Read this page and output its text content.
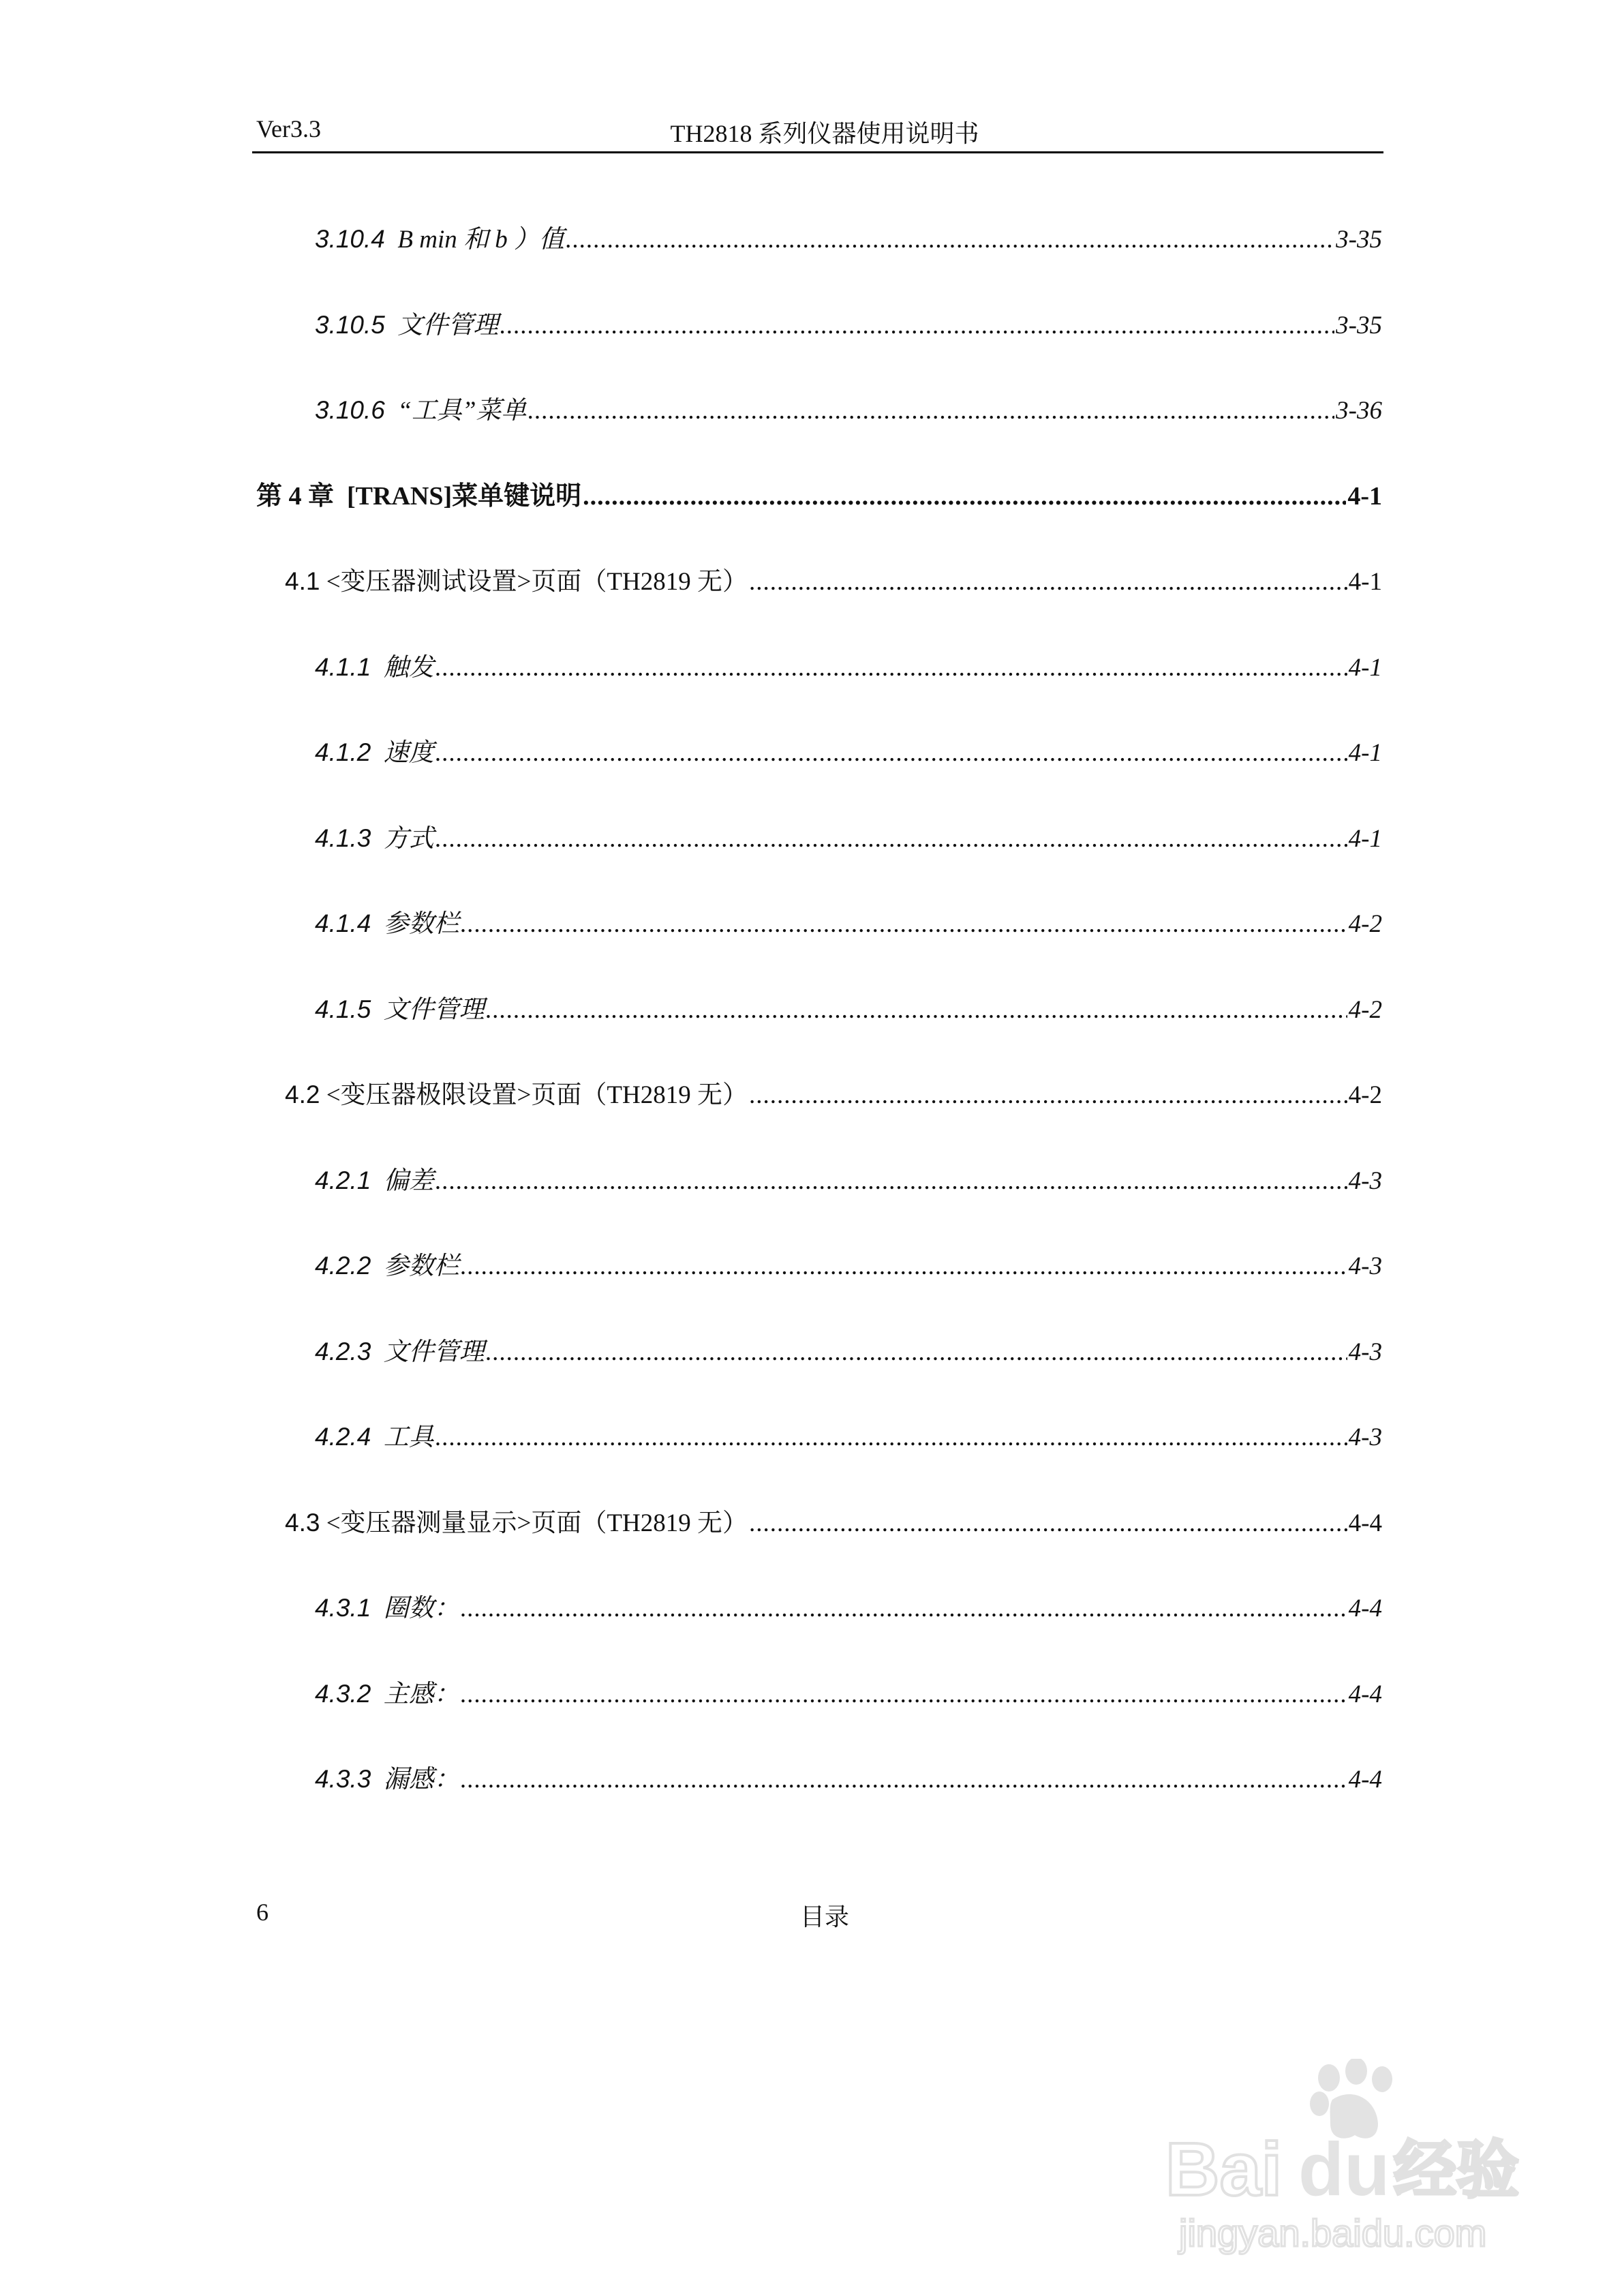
Ver3.3	TH2818 系列仪器使用说明书
3.10.4 B min 和 b ）值 .....	3-35
3.10.5 文件管理 .....	3-35
3.10.6 “工具”菜单 .....	3-36
第 4 章 [TRANS]菜单键说明 .....	4-1
4.1 <变压器测试设置>页面（TH2819 无） .....	4-1
4.1.1 触发 .....	4-1
4.1.2 速度 .....	4-1
4.1.3 方式 .....	4-1
4.1.4 参数栏 .....	4-2
4.1.5 文件管理 .....	4-2
4.2 <变压器极限设置>页面（TH2819 无） .....	4-2
4.2.1 偏差 .....	4-3
4.2.2 参数栏 .....	4-3
4.2.3 文件管理 .....	4-3
4.2.4 工具 .....	4-3
4.3 <变压器测量显示>页面（TH2819 无） .....	4-4
4.3.1 圈数： .....	4-4
4.3.2 主感： .....	4-4
4.3.3 漏感： .....	4-4
6	目录
Bai du 经验
jingyan.baidu.com
